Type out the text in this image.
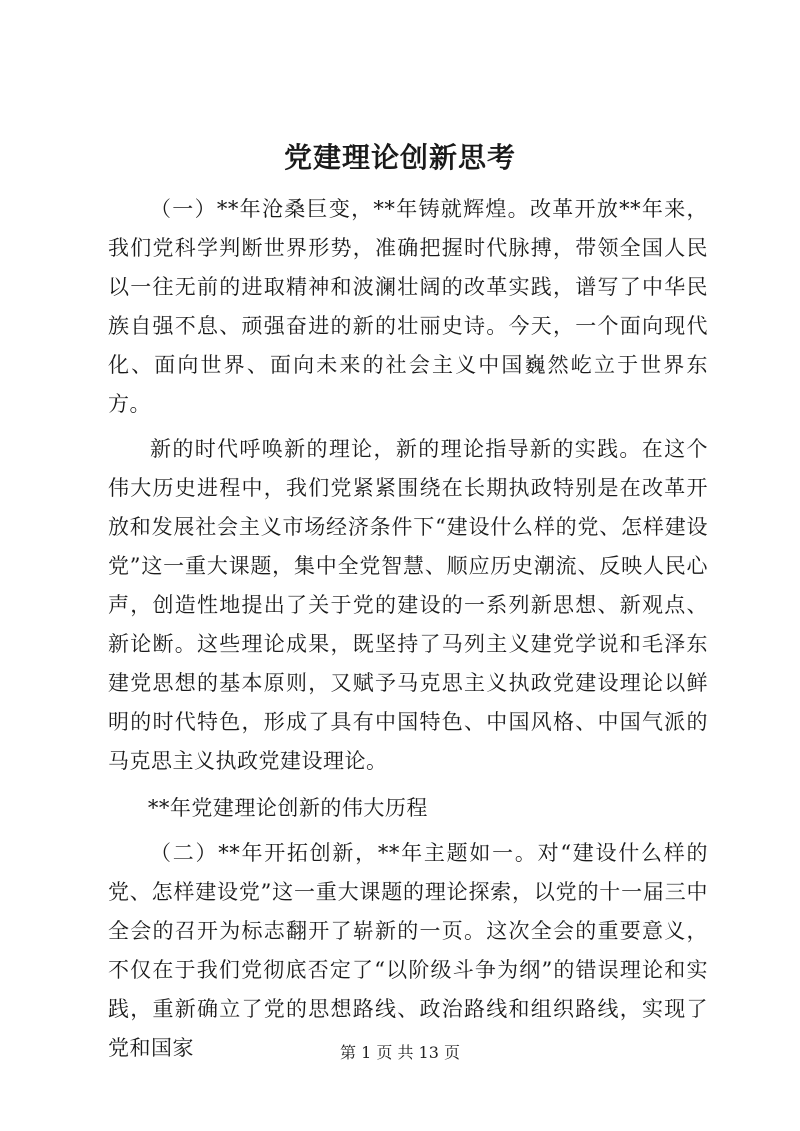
党建理论创新思考

（一）**年沧桑巨变，**年铸就辉煌。改革开放**年来，我们党科学判断世界形势，准确把握时代脉搏，带领全国人民以一往无前的进取精神和波澜壮阔的改革实践，谱写了中华民族自强不息、顽强奋进的新的壮丽史诗。今天，一个面向现代化、面向世界、面向未来的社会主义中国巍然屹立于世界东方。

新的时代呼唤新的理论，新的理论指导新的实践。在这个伟大历史进程中，我们党紧紧围绕在长期执政特别是在改革开放和发展社会主义市场经济条件下“建设什么样的党、怎样建设党”这一重大课题，集中全党智慧、顺应历史潮流、反映人民心声，创造性地提出了关于党的建设的一系列新思想、新观点、新论断。这些理论成果，既坚持了马列主义建党学说和毛泽东建党思想的基本原则，又赋予马克思主义执政党建设理论以鲜明的时代特色，形成了具有中国特色、中国风格、中国气派的马克思主义执政党建设理论。

**年党建理论创新的伟大历程

（二）**年开拓创新，**年主题如一。对“建设什么样的党、怎样建设党”这一重大课题的理论探索，以党的十一届三中全会的召开为标志翻开了崭新的一页。这次全会的重要意义，不仅在于我们党彻底否定了“以阶级斗争为纲”的错误理论和实践，重新确立了党的思想路线、政治路线和组织路线，实现了党和国家	第 1 页 共 13 页
